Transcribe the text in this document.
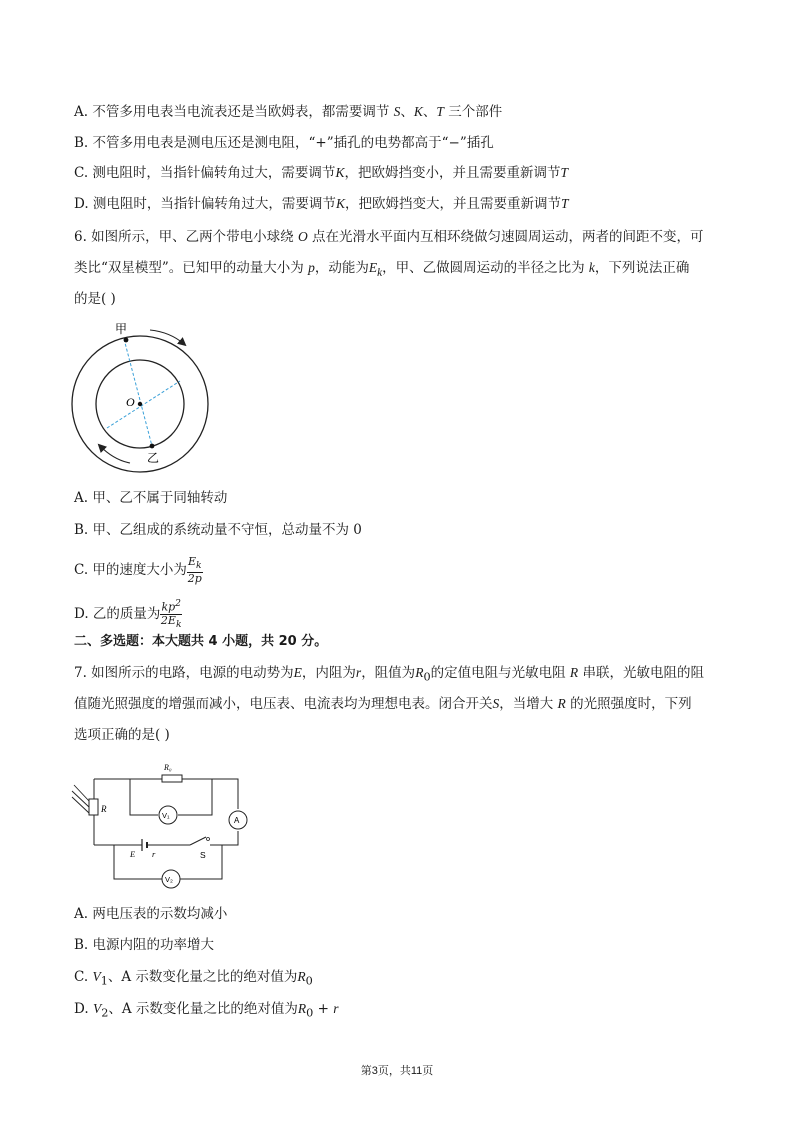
A. 不管多用电表当电流表还是当欧姆表，都需要调节 S、K、T 三个部件
B. 不管多用电表是测电压还是测电阻，“+”插孔的电势都高于“−”插孔
C. 测电阻时，当指针偏转角过大，需要调节K，把欧姆挡变小，并且需要重新调节T
D. 测电阻时，当指针偏转角过大，需要调节K，把欧姆挡变大，并且需要重新调节T
6. 如图所示，甲、乙两个带电小球绕 O 点在光滑水平面内互相环绕做匀速圆周运动，两者的间距不变，可
类比“双星模型”。已知甲的动量大小为 p，动能为$E_k$，甲、乙做圆周运动的半径之比为 k，下列说法正确
的是( )
甲
乙
O
A. 甲、乙不属于同轴转动
B. 甲、乙组成的系统动量不守恒，总动量不为 0
C. 甲的速度大小为 $\frac{E_k}{2p}$
D. 乙的质量为 $\frac{kp^2}{2E_k}$
二、多选题：本大题共 4 小题，共 20 分。
7. 如图所示的电路，电源的电动势为E，内阻为r，阻值为$R_0$的定值电阻与光敏电阻 R 串联，光敏电阻的阻
值随光照强度的增强而减小，电压表、电流表均为理想电表。闭合开关S，当增大 R 的光照强度时，下列
选项正确的是( )
R₀
R
V₁
A
E r	S
V₂
A. 两电压表的示数均减小
B. 电源内阻的功率增大
C. $V_1$、A 示数变化量之比的绝对值为$R_0$
D. $V_2$、A 示数变化量之比的绝对值为$R_0 + r$
第3页，共11页
